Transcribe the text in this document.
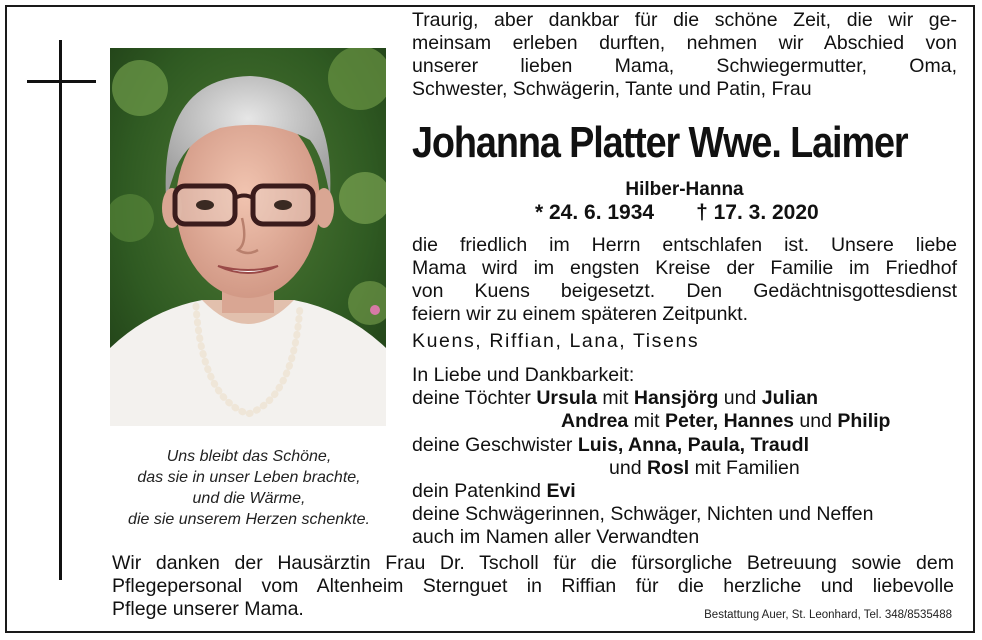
Uns bleibt das Schöne,
das sie in unser Leben brachte,
und die Wärme,
die sie unserem Herzen schenkte.
Traurig, aber dankbar für die schöne Zeit, die wir ge-
meinsam erleben durften, nehmen wir Abschied von
unserer lieben Mama, Schwiegermutter, Oma,
Schwester, Schwägerin, Tante und Patin, Frau
Johanna Platter Wwe. Laimer
Hilber-Hanna
* 24. 6. 1934 † 17. 3. 2020
die friedlich im Herrn entschlafen ist. Unsere liebe
Mama wird im engsten Kreise der Familie im Friedhof
von Kuens beigesetzt. Den Gedächtnisgottesdienst
feiern wir zu einem späteren Zeitpunkt.
Kuens, Riffian, Lana, Tisens
In Liebe und Dankbarkeit:
deine Töchter Ursula mit Hansjörg und Julian
Andrea mit Peter, Hannes und Philip
deine Geschwister Luis, Anna, Paula, Traudl
und Rosl mit Familien
dein Patenkind Evi
deine Schwägerinnen, Schwäger, Nichten und Neffen
auch im Namen aller Verwandten
Wir danken der Hausärztin Frau Dr. Tscholl für die fürsorgliche Betreuung sowie dem
Pflegepersonal vom Altenheim Sternguet in Riffian für die herzliche und liebevolle
Pflege unserer Mama.	Bestattung Auer, St. Leonhard, Tel. 348/8535488
